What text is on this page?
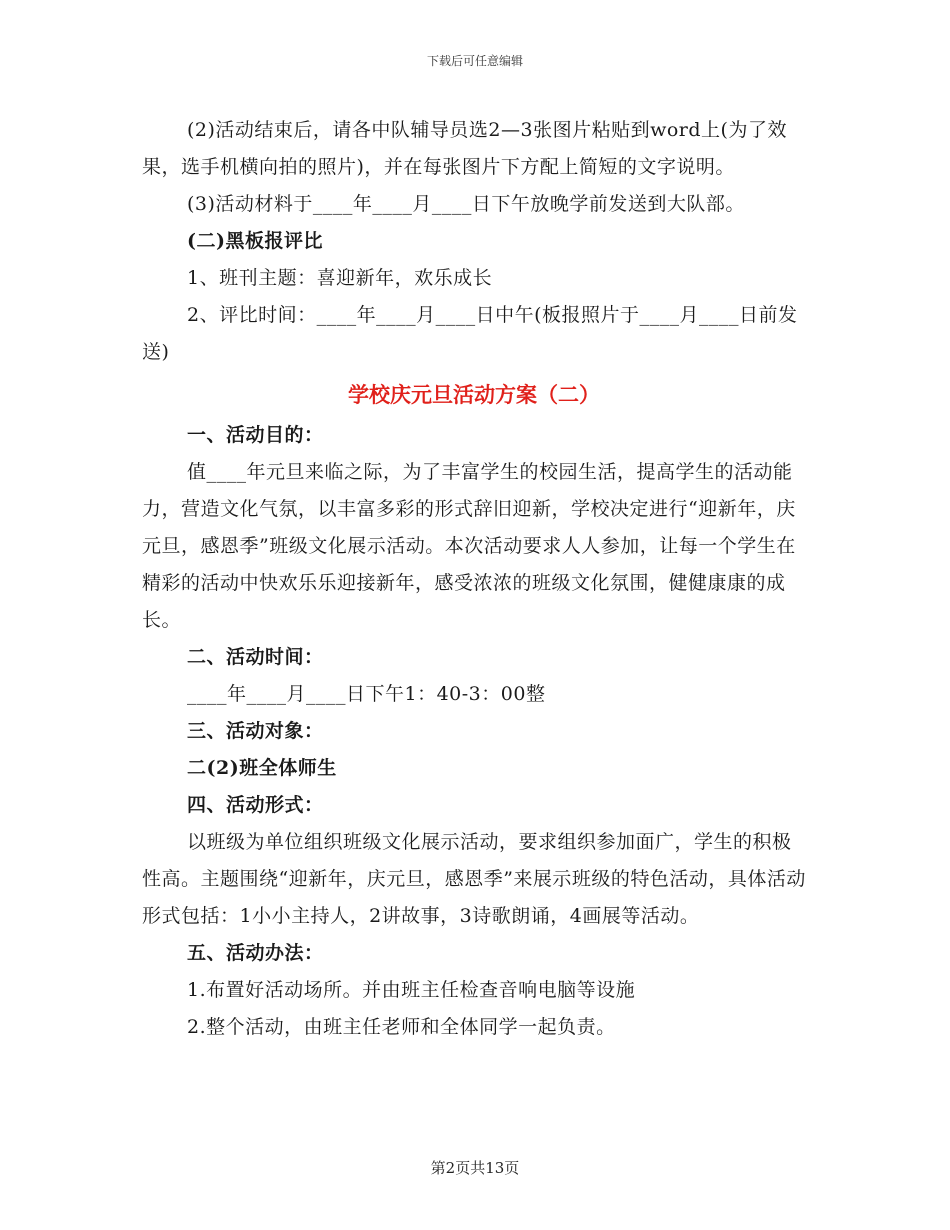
下载后可任意编辑

(2)活动结束后，请各中队辅导员选2—3张图片粘贴到word上(为了效果，选手机横向拍的照片)，并在每张图片下方配上简短的文字说明。

(3)活动材料于____年____月____日下午放晚学前发送到大队部。

(二)黑板报评比

1、班刊主题：喜迎新年，欢乐成长

2、评比时间：____年____月____日中午(板报照片于____月____日前发送)

学校庆元旦活动方案（二）

一、活动目的：

值____年元旦来临之际，为了丰富学生的校园生活，提高学生的活动能力，营造文化气氛，以丰富多彩的形式辞旧迎新，学校决定进行“迎新年，庆元旦，感恩季”班级文化展示活动。本次活动要求人人参加，让每一个学生在精彩的活动中快欢乐乐迎接新年，感受浓浓的班级文化氛围，健健康康的成长。

二、活动时间：

____年____月____日下午1：40-3：00整

三、活动对象：

二(2)班全体师生

四、活动形式：

以班级为单位组织班级文化展示活动，要求组织参加面广，学生的积极性高。主题围绕“迎新年，庆元旦，感恩季”来展示班级的特色活动，具体活动形式包括：1小小主持人，2讲故事，3诗歌朗诵，4画展等活动。

五、活动办法：

1.布置好活动场所。并由班主任检查音响电脑等设施

2.整个活动，由班主任老师和全体同学一起负责。

第2页共13页
